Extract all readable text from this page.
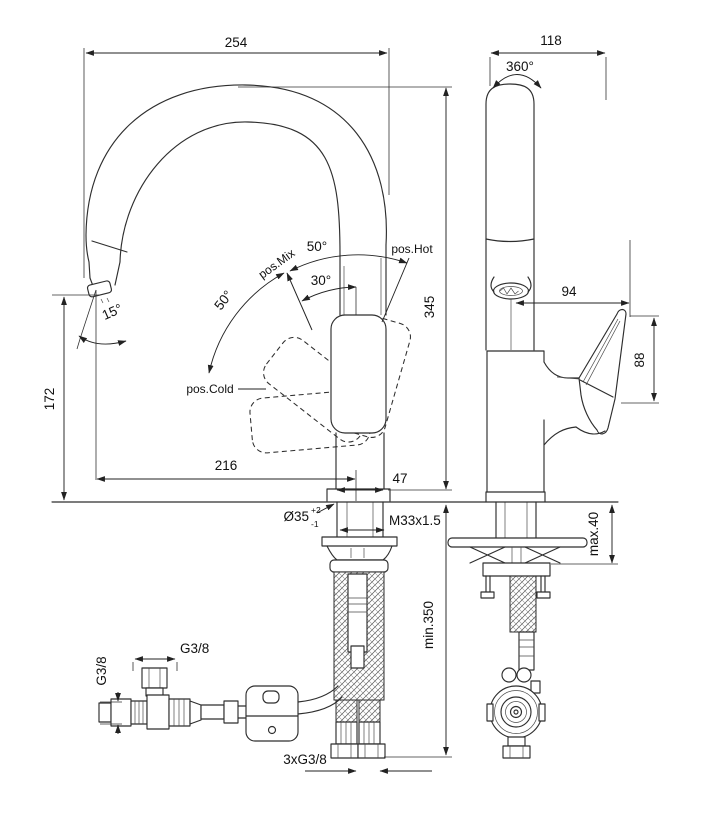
254	118
360°
50°
30°
50°
pos.Mix	pos.Hot
pos.Cold
15°	345
172
216
47
94
88
max.40
min.350
Ø35 +2
-1	M33x1.5
G3/8
G3/8
3xG3/8
